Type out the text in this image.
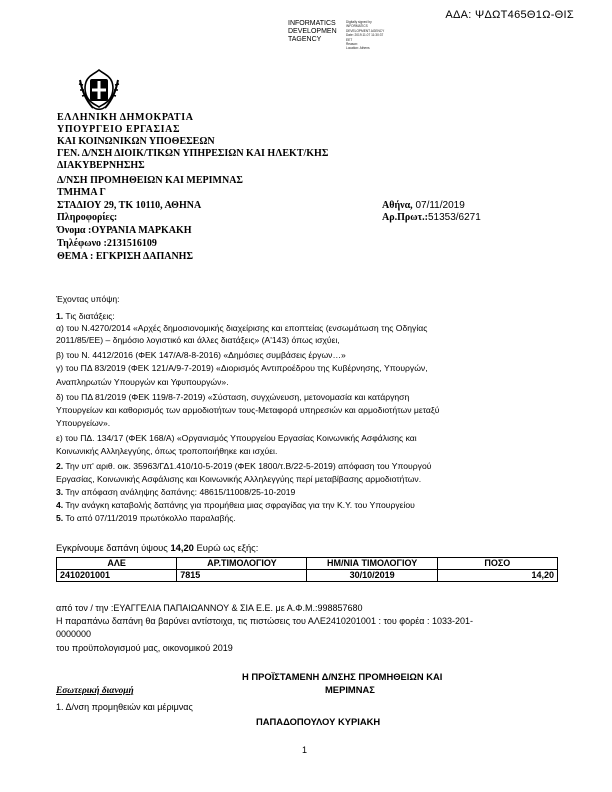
ΑΔΑ: ΨΔΩΤ465Θ1Ω-ΘΙΣ
INFORMATICS
DEVELOPMEN
TAGENCY
Digitally signed by
INFORMATICS
DEVELOPMENT AGENCY
Date: 2019.11.07 11:30:37
EET
Reason:
Location: Athens
ΕΛΛΗΝΙΚΗ ΔΗΜΟΚΡΑΤΙΑ
ΥΠΟΥΡΓΕΙΟ ΕΡΓΑΣΙΑΣ
ΚΑΙ ΚΟΙΝΩΝΙΚΩΝ ΥΠΟΘΕΣΕΩΝ
ΓΕΝ. Δ/ΝΣΗ ΔΙΟΙΚ/ΤΙΚΩΝ ΥΠΗΡΕΣΙΩΝ ΚΑΙ ΗΛΕΚΤ/ΚΗΣ
ΔΙΑΚΥΒΕΡΝΗΣΗΣ
Δ/ΝΣΗ ΠΡΟΜΗΘΕΙΩΝ ΚΑΙ ΜΕΡΙΜΝΑΣ
ΤΜΗΜΑ Γ
ΣΤΑΔΙΟΥ 29, ΤΚ 10110, ΑΘΗΝΑ
Πληροφορίες:
Όνομα :ΟΥΡΑΝΙΑ ΜΑΡΚΑΚΗ
Τηλέφωνο :2131516109
ΘΕΜΑ : ΕΓΚΡΙΣΗ ΔΑΠΑΝΗΣ
Αθήνα, 07/11/2019
Αρ.Πρωτ.:51353/6271
Έχοντας υπόψη:
1. Τις διατάξεις:
α) του Ν.4270/2014 «Αρχές δημοσιονομικής διαχείρισης και εποπτείας (ενσωμάτωση της Οδηγίας
2011/85/ΕΕ) – δημόσιο λογιστικό και άλλες διατάξεις» (Α'143) όπως ισχύει,
β) του Ν. 4412/2016 (ΦΕΚ 147/Α/8-8-2016) «Δημόσιες συμβάσεις έργων…»
γ) του ΠΔ 83/2019 (ΦΕΚ 121/Α/9-7-2019) «Διορισμός Αντιπροέδρου της Κυβέρνησης, Υπουργών,
Αναπληρωτών Υπουργών και Υφυπουργών».
δ) του ΠΔ 81/2019 (ΦΕΚ 119/8-7-2019) «Σύσταση, συγχώνευση, μετονομασία και κατάργηση
Υπουργείων και καθορισμός των αρμοδιοτήτων τους-Μεταφορά υπηρεσιών και αρμοδιοτήτων μεταξύ
Υπουργείων».
ε) του ΠΔ. 134/17 (ΦΕΚ 168/Α) «Οργανισμός Υπουργείου Εργασίας Κοινωνικής Ασφάλισης και
Κοινωνικής Αλληλεγγύης, όπως τροποποιήθηκε και ισχύει.
2. Την υπ' αριθ. οικ. 35963/ΓΔ1.410/10-5-2019 (ΦΕΚ 1800/τ.Β/22-5-2019) απόφαση του Υπουργού
Εργασίας, Κοινωνικής Ασφάλισης και Κοινωνικής Αλληλεγγύης περί μεταβίβασης αρμοδιοτήτων.
3. Την απόφαση ανάληψης δαπάνης: 48615/11008/25-10-2019
4. Την ανάγκη καταβολής δαπάνης για προμήθεια μιας σφραγίδας για την Κ.Υ. του Υπουργείου
5. Το από 07/11/2019 πρωτόκολλο παραλαβής.
Εγκρίνουμε δαπάνη ύψους 14,20 Ευρώ ως εξής:
ΑΛΕ	ΑΡ.ΤΙΜΟΛΟΓΙΟΥ	ΗΜ/ΝΙΑ ΤΙΜΟΛΟΓΙΟΥ	ΠΟΣΟ
2410201001	7815	30/10/2019	14,20
από τον / την :ΕΥΑΓΓΕΛΙΑ ΠΑΠΑΙΩΑΝΝΟΥ & ΣΙΑ Ε.Ε. με Α.Φ.Μ.:998857680
Η παραπάνω δαπάνη θα βαρύνει αντίστοιχα, τις πιστώσεις του ΑΛΕ2410201001 : του φορέα : 1033-201-
0000000
του προϋπολογισμού μας, οικονομικού 2019
Η ΠΡΟΪΣΤΑΜΕΝΗ Δ/ΝΣΗΣ ΠΡΟΜΗΘΕΙΩΝ ΚΑΙ
ΜΕΡΙΜΝΑΣ
Εσωτερική διανομή
1. Δ/νση προμηθειών και μέριμνας
ΠΑΠΑΔΟΠΟΥΛΟΥ ΚΥΡΙΑΚΗ
1
